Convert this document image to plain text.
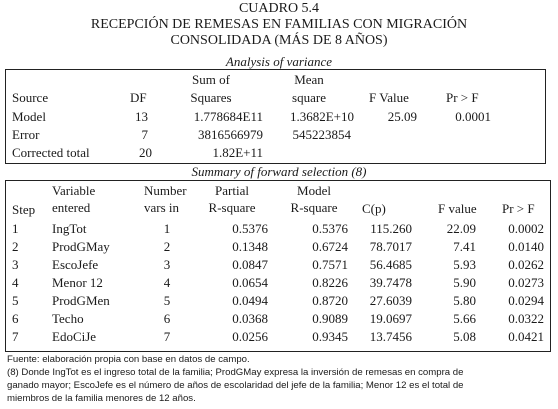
CUADRO 5.4
RECEPCIÓN DE REMESAS EN FAMILIAS CON MIGRACIÓN
CONSOLIDADA (MÁS DE 8 AÑOS)
Analysis of variance
Source	DF
Sum of
Squares
Mean
square	F Value	Pr > F
Model	13	1.778684E11	1.3682E+10	25.09	0.0001
Error	7	3816566979	545223854
Corrected total	20	1.82E+11
Summary of forward selection (8)
Step
Variable
entered
Number
vars in
Partial
R-square
Model
R-square	C(p)	F value Pr > F
1	IngTot	1	0.5376	0.5376	115.260	22.09	0.0002
2	ProdGMay	2	0.1348	0.6724	78.7017	7.41	0.0140
3	EscoJefe	3	0.0847	0.7571	56.4685	5.93	0.0262
4	Menor 12	4	0.0654	0.8226	39.7478	5.90	0.0273
5	ProdGMen	5	0.0494	0.8720	27.6039	5.80	0.0294
6	Techo	6	0.0368	0.9089	19.0697	5.66	0.0322
7	EdoCiJe	7	0.0256	0.9345	13.7456	5.08	0.0421
Fuente: elaboración propia con base en datos de campo.
(8) Donde IngTot es el ingreso total de la familia; ProdGMay expresa la inversión de remesas en compra de
ganado mayor; EscoJefe es el número de años de escolaridad del jefe de la familia; Menor 12 es el total de
miembros de la familia menores de 12 años.
